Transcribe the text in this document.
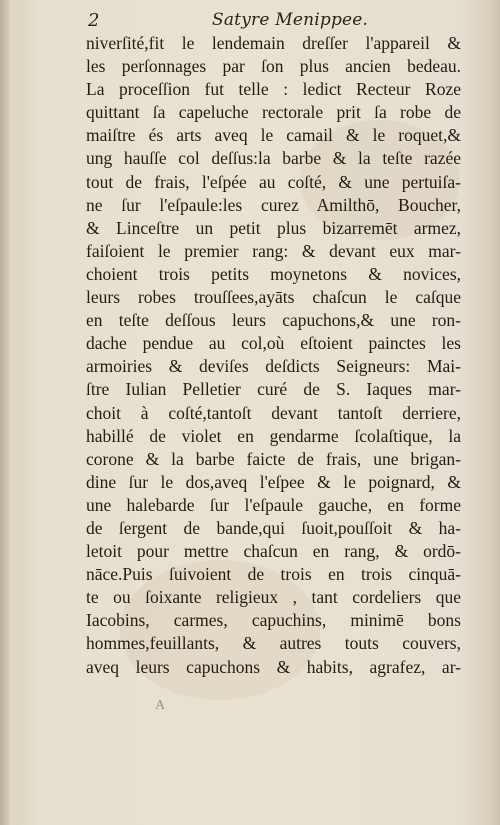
2	Satyre Menippee.
niverſité,fit le lendemain dreſſer l'appareil &
les perſonnages par ſon plus ancien bedeau.
La proceſſion fut telle : ledict Recteur Roze
quittant ſa capeluche rectorale prit ſa robe de
maiſtre és arts aveq le camail & le roquet,&
ung hauſſe col deſſus:la barbe & la teſte razée
tout de frais, l'eſpée au coſté, & une pertuiſa-
ne ſur l'eſpaule:les curez Amilthō, Boucher,
& Linceſtre un petit plus bizarremēt armez,
faiſoient le premier rang: & devant eux mar-
choient trois petits moynetons & novices,
leurs robes trouſſees,ayāts chaſcun le caſque
en teſte deſſous leurs capuchons,& une ron-
dache pendue au col,où eſtoient painctes les
armoiries & deviſes deſdicts Seigneurs: Mai-
ſtre Iulian Pelletier curé de S. Iaques mar-
choit à coſté,tantoſt devant tantoſt derriere,
habillé de violet en gendarme ſcolaſtique, la
corone & la barbe faicte de frais, une brigan-
dine ſur le dos,aveq l'eſpee & le poignard, &
une halebarde ſur l'eſpaule gauche, en forme
de ſergent de bande,qui ſuoit,pouſſoit & ha-
letoit pour mettre chaſcun en rang, & ordō-
nāce.Puis ſuivoient de trois en trois cinquā-
te ou ſoixante religieux , tant cordeliers que
Iacobins, carmes, capuchins, minimē bons
hommes,feuillants, & autres touts couvers,
aveq leurs capuchons & habits, agrafez, ar-
A
